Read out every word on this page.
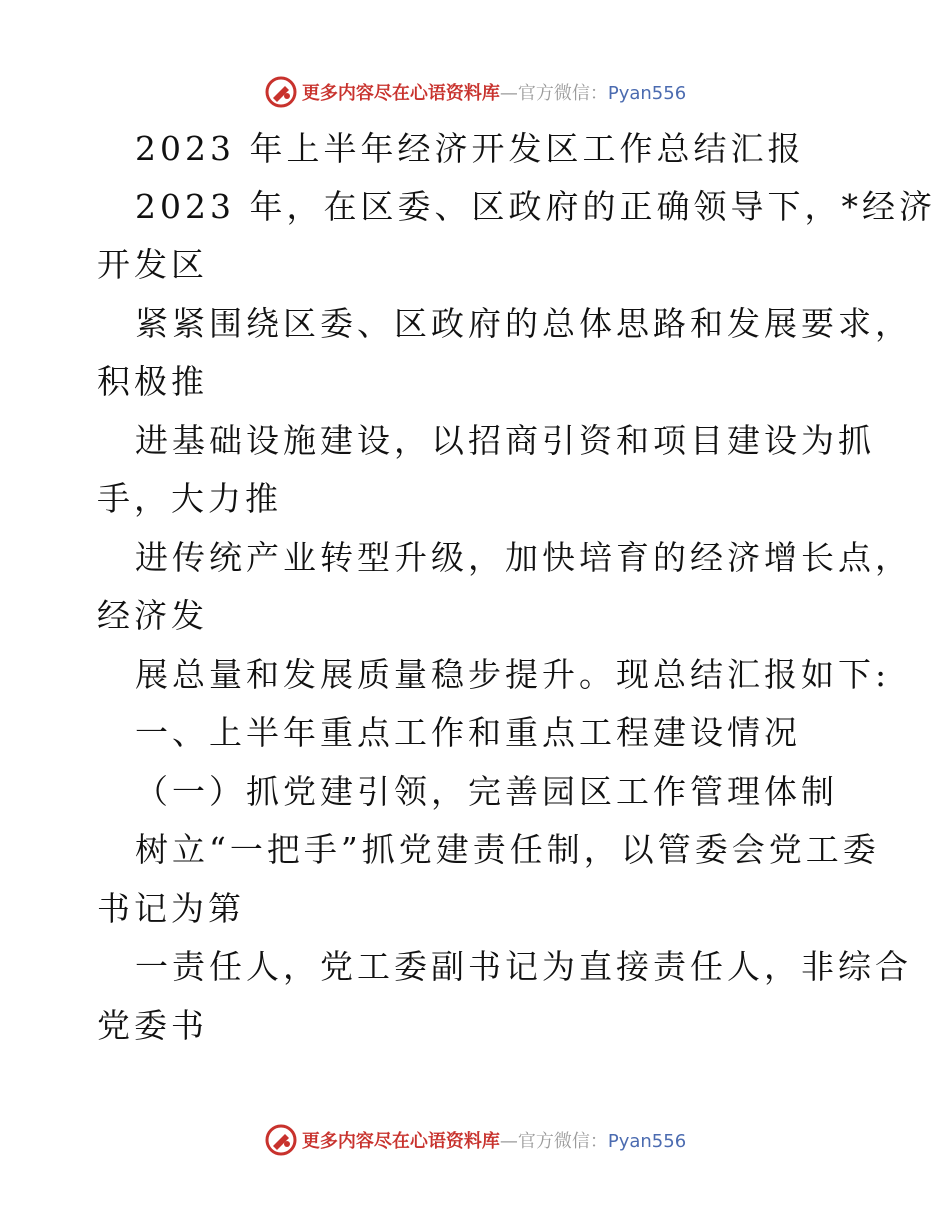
更多内容尽在心语资料库—官方微信：Pyan556
2023 年上半年经济开发区工作总结汇报
2023 年，在区委、区政府的正确领导下，*经济
开发区
紧紧围绕区委、区政府的总体思路和发展要求，
积极推
进基础设施建设，以招商引资和项目建设为抓
手，大力推
进传统产业转型升级，加快培育的经济增长点，
经济发
展总量和发展质量稳步提升。现总结汇报如下:
一、上半年重点工作和重点工程建设情况
（一）抓党建引领，完善园区工作管理体制
树立“一把手”抓党建责任制，以管委会党工委
书记为第
一责任人，党工委副书记为直接责任人，非综合
党委书
更多内容尽在心语资料库—官方微信：Pyan556
